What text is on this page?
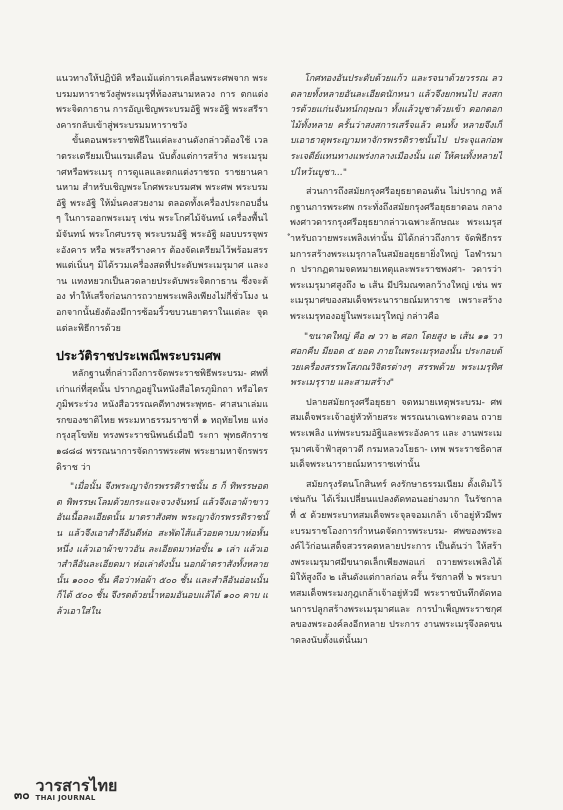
แนวทางให้ปฏิบัติ หรือแม้แต่การเคลื่อนพระศพจาก พระบรมมหาราชวังสู่พระเมรุที่ท้องสนามหลวง การ ตกแต่งพระจิตกาธาน การอัญเชิญพระบรมอัฐิ พระอัฐิ พระสรีรางคารกลับเข้าสู่พระบรมมหาราชวัง

ขั้นตอนพระราชพิธีในแต่ละงานดังกล่าวต้องใช้ เวลาตระเตรียมเป็นแรมเดือน นับตั้งแต่การสร้าง พระเมรุมาศหรือพระเมรุ การดูแลและตกแต่งราชรถ ราชยานคานหาม สำหรับเชิญพระโกศพระบรมศพ พระศพ พระบรมอัฐิ พระอัฐิ ให้มั่นคงสวยงาม ตลอดทั้งเครื่องประกอบอื่นๆ ในการออกพระเมรุ เช่น พระโกศไม้จันทน์ เครื่องพื้นไม้จันทน์ พระโกศบรรจุ พระบรมอัฐิ พระอัฐิ ผอบบรรจุพระอังคาร หรือ พระสรีรางคาร ต้องจัดเตรียมไว้พร้อมสรรพแต่เนิ่นๆ มิได้รวมเครื่องสดที่ประดับพระเมรุมาศ และงาน แทงหยวกเป็นลวดลายประดับพระจิตกาธาน ซึ่งจะต้อง ทำให้เสร็จก่อนการถวายพระเพลิงเพียงไม่กี่ชั่วโมง นอกจากนั้นยังต้องมีการซ้อมริ้วขบวนยาตราในแต่ละ จุดแต่ละพิธีการด้วย

ประวัติราชประเพณีพระบรมศพ

หลักฐานที่กล่าวถึงการจัดพระราชพิธีพระบรม- ศพที่เก่าแก่ที่สุดนั้น ปรากฏอยู่ในหนังสือไตรภูมิกถา หรือไตรภูมิพระร่วง หนังสือวรรณคดีทางพระพุทธ- ศาสนาเล่มแรกของชาติไทย พระมหาธรรมราชาที่ ๑ หฤทัยไทย แห่งกรุงสุโขทัย ทรงพระราชนิพนธ์เมื่อปี ระกา พุทธศักราช ๑๘๘๘ พรรณนาการจัดการพระศพ พระยามหาจักรพรรดิราช ว่า

"เมื่อนั้น จึงพระญาจักรพรรดิราชนั้น ธ ก็ ทิพรรษอดต พิพรรษเโลมด้วยกระแจะจวงจันทน์ แล้วจึงเอาผ้าขาวอันเนื้อละเอียดนั้น มาตราสังศพ พระญาจักรพรรดิราชนั้น แล้วจึงเอาสำลีอันดีห่อ สะพัดไส้แล้วอยคาบมาห่อหั้นหนึ่ง แล้วเอาผ้าขาวอัน ละเอียดมาห่อขั้น ๑ เล่า แล้วเอาสำลีอันละเอียดมา ห่อเล่าดังนั้น นอกผ้าตราสังทั้งหลายนั้น ๑๐๐๐ ชั้น คือว่าห่อผ้า ๕๐๐ ชั้น และสำลีอันอ่อนนั้นก็ได้ ๕๐๐ ชั้น จึงรดด้วยน้ำหอมอันอบแล้ได้ ๑๐๐ คาบ แล้วเอาใส่ใน

โกศทองอันประดับด้วยแก้ว และรจนาด้วยวรรณ ลวดลายทั้งหลายอันละเอียดนักหนา แล้วจึงยกพนไป สงสการด้วยแก่นจันทน์กฤษณา ทั้งแล้วบูชาด้วยเข้า ตอกดอกไม้ทั้งหลาย ครั้นว่าสงสการเสร็จแล้ว คนทั้ง หลายจึงเก็บเอาธาตุพระญามหาจักรพรรดิราชนั้นไป ประจุแลก่อพระเจดีย์แทนทางแพร่งกลางเมืองนั้น แต่ ให้คนทั้งหลายไปไหว้นบูชา..."

ส่วนการถึงสมัยกรุงศรีอยุธยาตอนต้น ไม่ปรากฏ หลักฐานการพระศพ กระทั่งถึงสมัยกรุงศรีอยุธยาตอน กลาง พงศาวดารกรุงศรีอยุธยากล่าวเฉพาะลักษณะ พระเมรุสำหรับถวายพระเพลิงเท่านั้น มิได้กล่าวถึงการ จัดพิธีกรรมการสร้างพระเมรุกาลในสมัยอยุธยายิ่งใหญ่ โอฬารมาก ปรากฏตามจดหมายเหตุและพระราชพงศา- วดารว่า พระเมรุมาศสูงถึง ๒ เส้น มีปริมณฑลกว้างใหญ่ เช่น พระเมรุมาศของสมเด็จพระนารายณ์มหาราช เพราะสร้างพระเมรุทองอยู่ในพระเมรุใหญ่ กล่าวคือ

"ขนาดใหญ่ คือ ๗ วา ๒ ศอก โดยสูง ๒ เส้น ๑๑ วาศอกคืบ มียอด ๕ ยอด ภายในพระเมรุทองนั้น ประกอบด้วยเครื่องสรรพโสภณวิจิตรต่างๆ สรรพด้วย พระเมรุทิศ พระเมรุราย และสามสร้าง"

ปลายสมัยกรุงศรีอยุธยา จดหมายเหตุพระบรม- ศพสมเด็จพระเจ้าอยู่หัวท้ายสระ พรรณนาเฉพาะตอน ถวายพระเพลิง แห่พระบรมอัฐิและพระอังคาร และ งานพระเมรุมาศเจ้าฟ้าสุดาวดี กรมหลวงโยธา- เทพ พระราชธิดาสมเด็จพระนารายณ์มหาราชเท่านั้น

สมัยกรุงรัตนโกสินทร์ คงรักษาธรรมเนียม ดั้งเดิมไว้เช่นกัน ได้เริ่มเปลี่ยนแปลงตัดทอนอย่างมาก ในรัชกาลที่ ๕ ด้วยพระบาทสมเด็จพระจุลจอมเกล้า เจ้าอยู่หัวมีพระบรมราชโองการกำหนดจัดการพระบรม- ศพของพระองค์ไว้ก่อนเสด็จสวรรคตหลายประการ เป็นต้นว่า ให้สร้างพระเมรุมาศมีขนาดเล็กเพียงพอแก่ ถวายพระเพลิงได้ มิให้สูงถึง ๒ เส้นดังแต่กาลก่อน ครั้น รัชกาลที่ ๖ พระบาทสมเด็จพระมงกุฎเกล้าเจ้าอยู่หัวมี พระราชบันทึกตัดทอนการปลูกสร้างพระเมรุมาศและ การบำเพ็ญพระราชกุศลของพระองค์ลงอีกหลาย ประการ งานพระเมรุจึงลดขนาดลงนับตั้งแต่นั้นมา

๓๐ วารสารไทย
THAI JOURNAL
